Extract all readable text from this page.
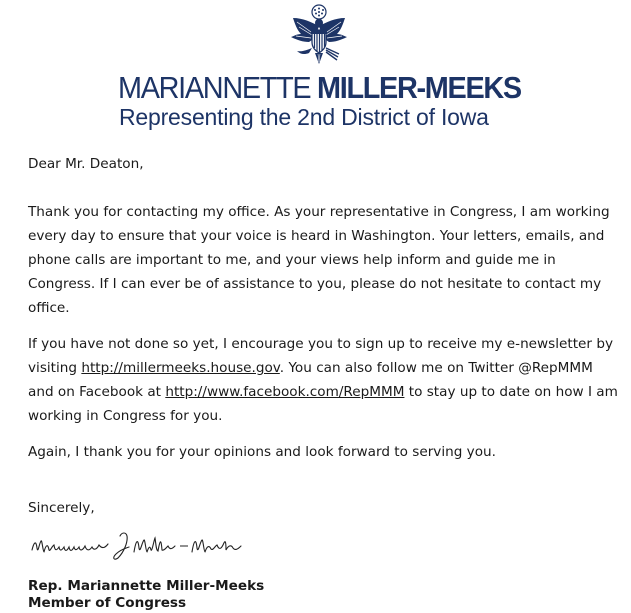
MARIANNETTE MILLER-MEEKS
Representing the 2nd District of Iowa

Dear Mr. Deaton,

Thank you for contacting my office. As your representative in Congress, I am working every day to ensure that your voice is heard in Washington. Your letters, emails, and phone calls are important to me, and your views help inform and guide me in Congress. If I can ever be of assistance to you, please do not hesitate to contact my office.

If you have not done so yet, I encourage you to sign up to receive my e-newsletter by visiting http://millermeeks.house.gov. You can also follow me on Twitter @RepMMM and on Facebook at http://www.facebook.com/RepMMM to stay up to date on how I am working in Congress for you.

Again, I thank you for your opinions and look forward to serving you.

Sincerely,
Rep. Mariannette Miller-Meeks
Member of Congress
